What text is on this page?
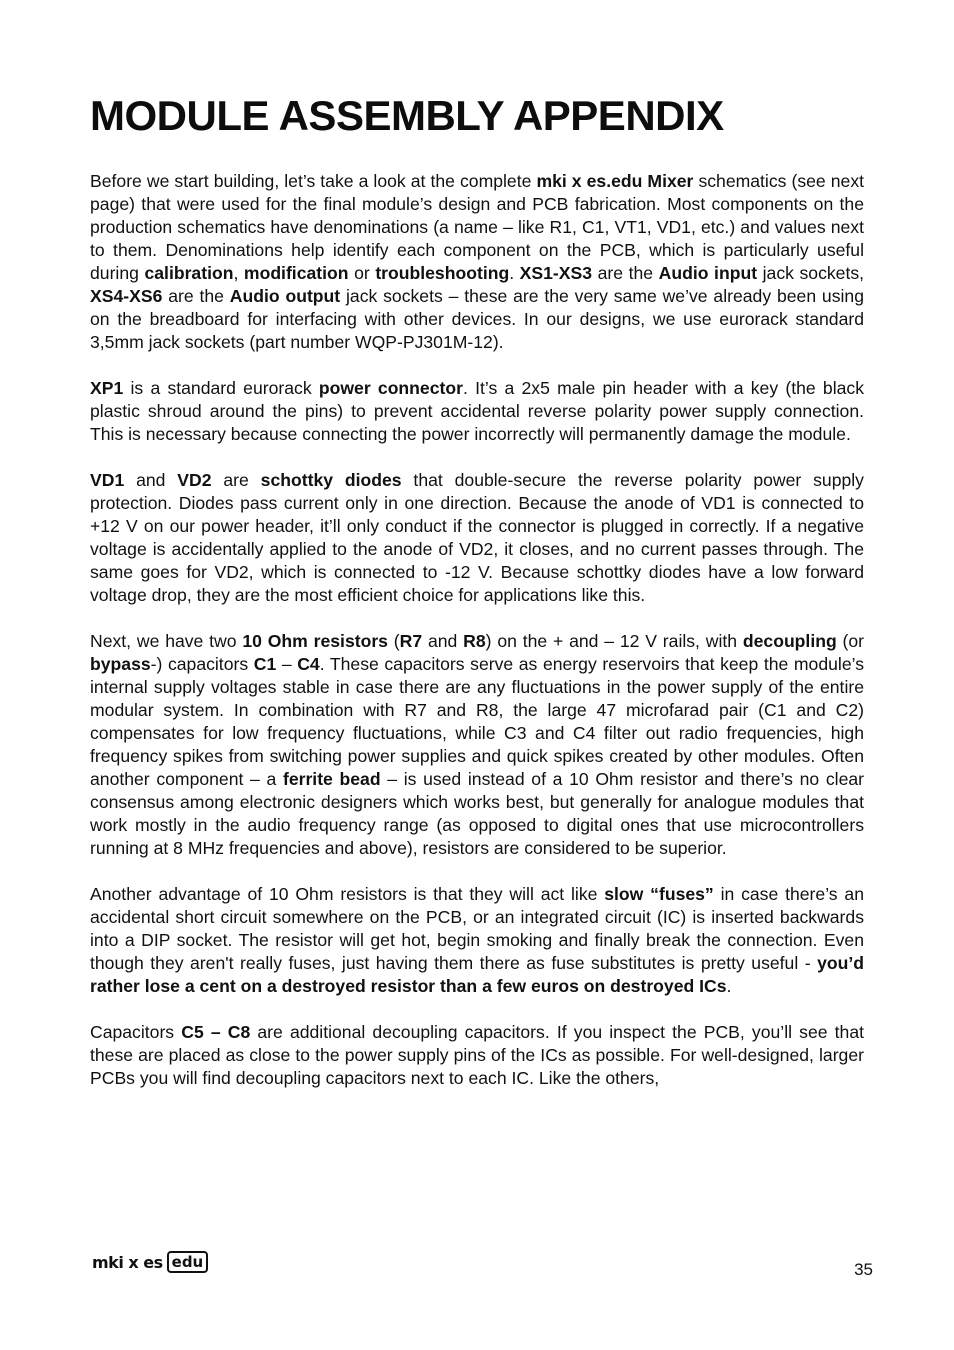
MODULE ASSEMBLY APPENDIX

Before we start building, let’s take a look at the complete mki x es.edu Mixer schematics (see next page) that were used for the final module’s design and PCB fabrication. Most components on the production schematics have denominations (a name – like R1, C1, VT1, VD1, etc.) and values next to them. Denominations help identify each component on the PCB, which is particularly useful during calibration, modification or troubleshooting. XS1-XS3 are the Audio input jack sockets, XS4-XS6 are the Audio output jack sockets – these are the very same we’ve already been using on the breadboard for interfacing with other devices. In our designs, we use eurorack standard 3,5mm jack sockets (part number WQP-PJ301M-12).

XP1 is a standard eurorack power connector. It’s a 2x5 male pin header with a key (the black plastic shroud around the pins) to prevent accidental reverse polarity power supply connection. This is necessary because connecting the power incorrectly will permanently damage the module.

VD1 and VD2 are schottky diodes that double-secure the reverse polarity power supply protection. Diodes pass current only in one direction. Because the anode of VD1 is connected to +12 V on our power header, it’ll only conduct if the connector is plugged in correctly. If a negative voltage is accidentally applied to the anode of VD2, it closes, and no current passes through. The same goes for VD2, which is connected to -12 V. Because schottky diodes have a low forward voltage drop, they are the most efficient choice for applications like this.

Next, we have two 10 Ohm resistors (R7 and R8) on the + and – 12 V rails, with decoupling (or bypass-) capacitors C1 – C4. These capacitors serve as energy reservoirs that keep the module’s internal supply voltages stable in case there are any fluctuations in the power supply of the entire modular system. In combination with R7 and R8, the large 47 microfarad pair (C1 and C2) compensates for low frequency fluctuations, while C3 and C4 filter out radio frequencies, high frequency spikes from switching power supplies and quick spikes created by other modules. Often another component – a ferrite bead – is used instead of a 10 Ohm resistor and there’s no clear consensus among electronic designers which works best, but generally for analogue modules that work mostly in the audio frequency range (as opposed to digital ones that use microcontrollers running at 8 MHz frequencies and above), resistors are considered to be superior.

Another advantage of 10 Ohm resistors is that they will act like slow “fuses” in case there’s an accidental short circuit somewhere on the PCB, or an integrated circuit (IC) is inserted backwards into a DIP socket. The resistor will get hot, begin smoking and finally break the connection. Even though they aren't really fuses, just having them there as fuse substitutes is pretty useful - you’d rather lose a cent on a destroyed resistor than a few euros on destroyed ICs.

Capacitors C5 – C8 are additional decoupling capacitors. If you inspect the PCB, you’ll see that these are placed as close to the power supply pins of the ICs as possible. For well-designed, larger PCBs you will find decoupling capacitors next to each IC. Like the others,

mki x es edu	35
